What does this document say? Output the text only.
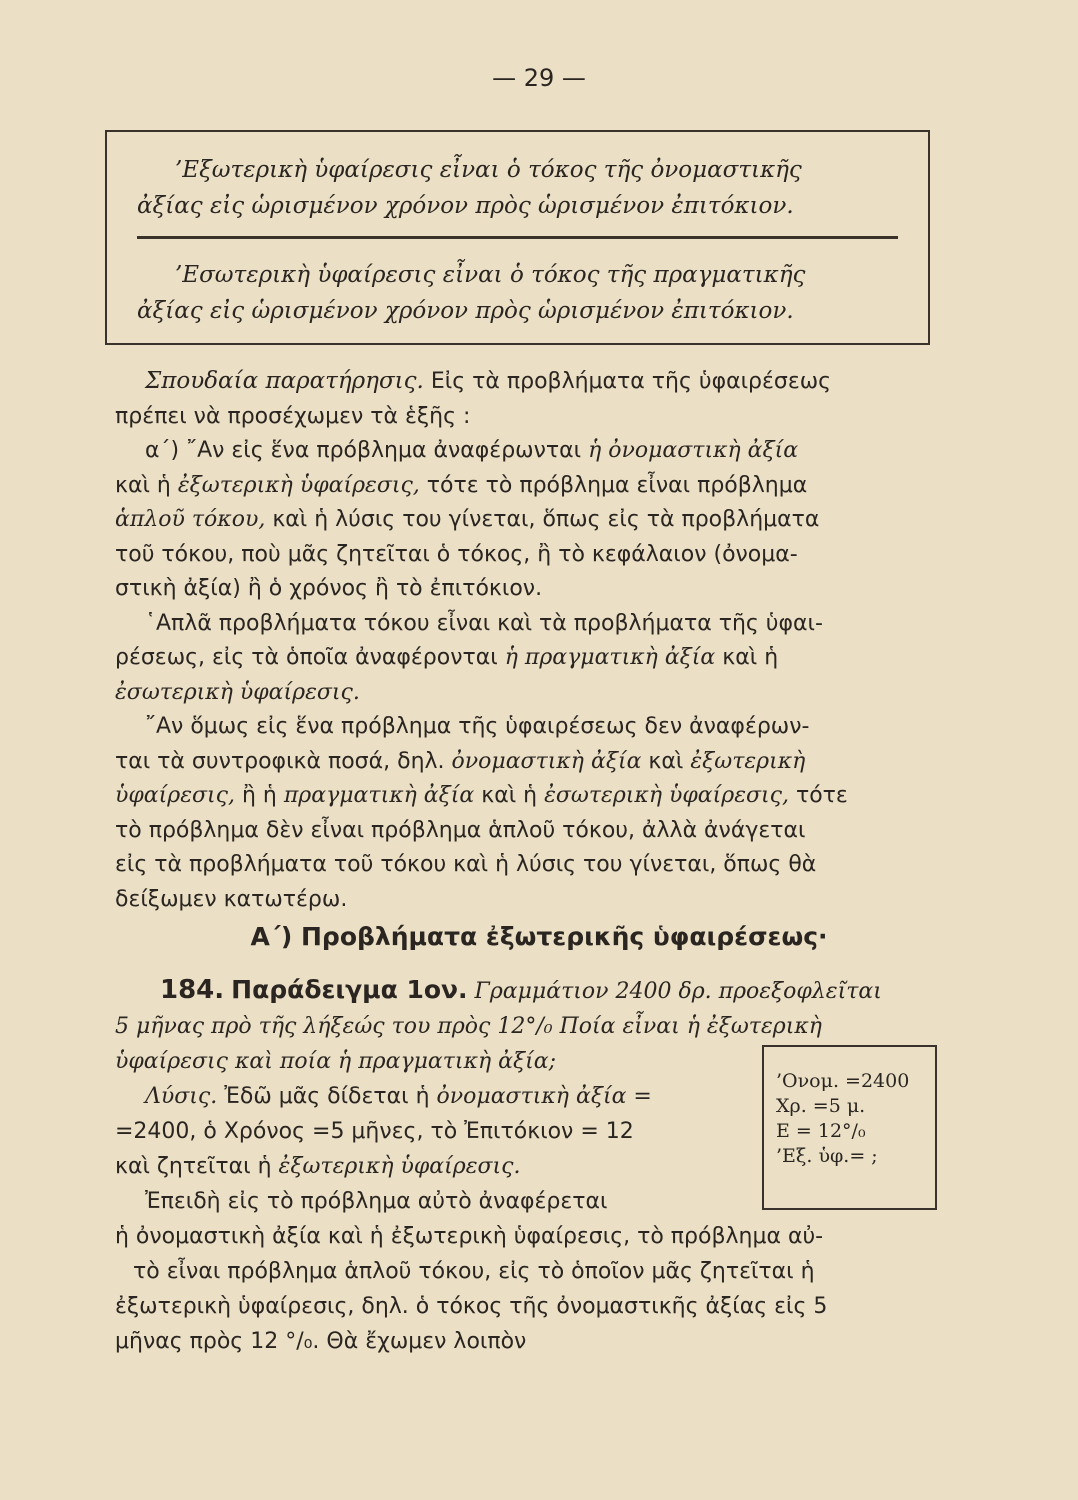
— 29 —

’Εξωτερικὴ ὑφαίρεσις εἶναι ὁ τόκος τῆς ὀνομαστικῆς

ἀξίας εἰς ὡρισμένον χρόνον πρὸς ὡρισμένον ἐπιτόκιον.

’Εσωτερικὴ ὑφαίρεσις εἶναι ὁ τόκος τῆς πραγματικῆς

ἀξίας εἰς ὡρισμένον χρόνον πρὸς ὡρισμένον ἐπιτόκιον.

Σπουδαία παρατήρησις. Εἰς τὰ προβλήματα τῆς ὑφαιρέσεως

πρέπει νὰ προσέχωμεν τὰ ἑξῆς :

α΄) ῎Αν εἰς ἕνα πρόβλημα ἀναφέρωνται ἡ ὀνομαστικὴ ἀξία

καὶ ἡ ἐξωτερικὴ ὑφαίρεσις, τότε τὸ πρόβλημα εἶναι πρόβλημα

ἁπλοῦ τόκου, καὶ ἡ λύσις του γίνεται, ὅπως εἰς τὰ προβλήματα

τοῦ τόκου, ποὺ μᾶς ζητεῖται ὁ τόκος, ἢ τὸ κεφάλαιον (ὀνομα-

στικὴ ἀξία) ἢ ὁ χρόνος ἢ τὸ ἐπιτόκιον.

῾Απλᾶ προβλήματα τόκου εἶναι καὶ τὰ προβλήματα τῆς ὑφαι-

ρέσεως, εἰς τὰ ὁποῖα ἀναφέρονται ἡ πραγματικὴ ἀξία καὶ ἡ

ἐσωτερικὴ ὑφαίρεσις.

῎Αν ὅμως εἰς ἕνα πρόβλημα τῆς ὑφαιρέσεως δεν ἀναφέρων-

ται τὰ συντροφικὰ ποσά, δηλ. ὀνομαστικὴ ἀξία καὶ ἐξωτερικὴ

ὑφαίρεσις, ἢ ἡ πραγματικὴ ἀξία καὶ ἡ ἐσωτερικὴ ὑφαίρεσις, τότε

τὸ πρόβλημα δὲν εἶναι πρόβλημα ἁπλοῦ τόκου, ἀλλὰ ἀνάγεται

εἰς τὰ προβλήματα τοῦ τόκου καὶ ἡ λύσις του γίνεται, ὅπως θὰ

δείξωμεν κατωτέρω.

Α΄) Προβλήματα ἐξωτερικῆς ὑφαιρέσεως·

184. Παράδειγμα 1ον. Γραμμάτιον 2400 δρ. προεξοφλεῖται

5 μῆνας πρὸ τῆς λήξεώς του πρὸς 12°/₀ Ποία εἶναι ἡ ἐξωτερικὴ

ὑφαίρεσις καὶ ποία ἡ πραγματικὴ ἀξία;

Λύσις. Ἐδῶ μᾶς δίδεται ἡ ὀνομαστικὴ ἀξία =

=2400, ὁ Χρόνος =5 μῆνες, τὸ Ἐπιτόκιον = 12

καὶ ζητεῖται ἡ ἐξωτερικὴ ὑφαίρεσις.

Ἐπειδὴ εἰς τὸ πρόβλημα αὐτὸ ἀναφέρεται

ἡ ὀνομαστικὴ ἀξία καὶ ἡ ἐξωτερικὴ ὑφαίρεσις, τὸ πρόβλημα αὐ-

τὸ εἶναι πρόβλημα ἁπλοῦ τόκου, εἰς τὸ ὁποῖον μᾶς ζητεῖται ἡ

ἐξωτερικὴ ὑφαίρεσις, δηλ. ὁ τόκος τῆς ὀνομαστικῆς ἀξίας εἰς 5

μῆνας πρὸς 12 °/₀. Θὰ ἔχωμεν λοιπὸν

’Ονομ. =2400
Χρ. =5 μ.
Ε = 12°/₀
’Εξ. ὑφ.= ;
